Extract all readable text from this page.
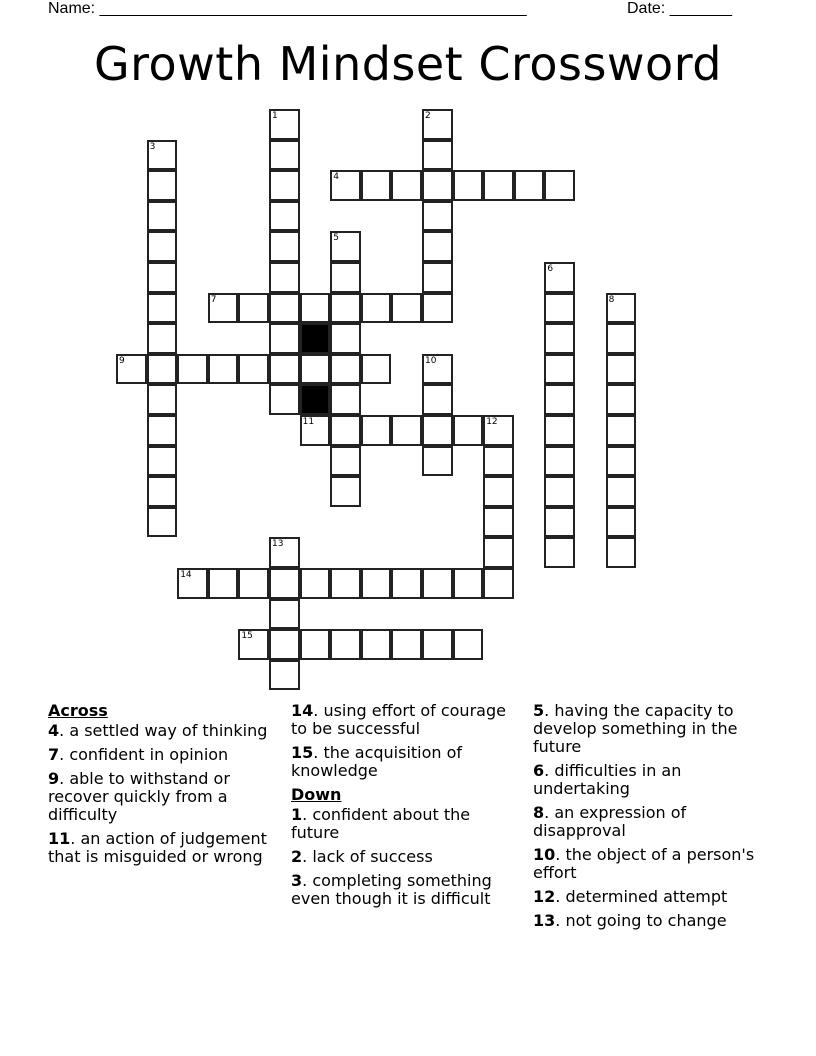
Name: ________________________________________________	Date: _______
Growth Mindset Crossword
1	2
3
4
5
6
7	8
9	10
11	12
13
14
15
Across
4. a settled way of thinking
7. confident in opinion
9. able to withstand or recover quickly from a difficulty
11. an action of judgement that is misguided or wrong
14. using effort of courage to be successful
15. the acquisition of knowledge
Down
1. confident about the future
2. lack of success
3. completing something even though it is difficult
5. having the capacity to develop something in the future
6. difficulties in an undertaking
8. an expression of disapproval
10. the object of a person's effort
12. determined attempt
13. not going to change
